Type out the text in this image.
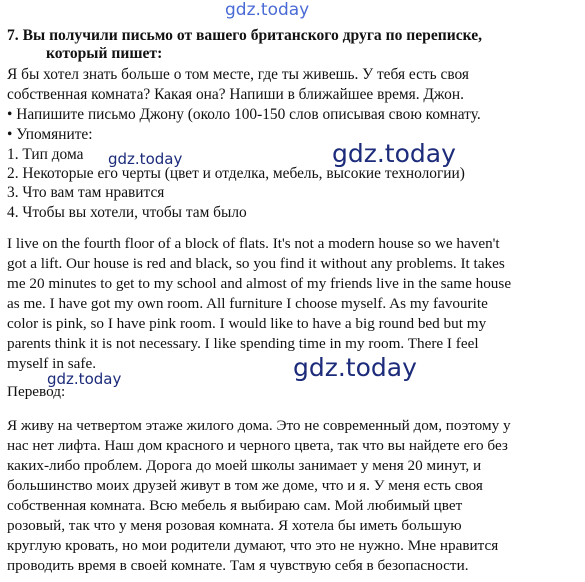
gdz.today
7. Вы получили письмо от вашего британского друга по переписке,
который пишет:
Я бы хотел знать больше о том месте, где ты живешь. У тебя есть своя
собственная комната? Какая она? Напиши в ближайшее время. Джон.
• Напишите письмо Джону (около 100-150 слов описывая свою комнату.
• Упомяните:
1. Тип дома
2. Некоторые его черты (цвет и отделка, мебель, высокие технологии)
3. Что вам там нравится
4. Чтобы вы хотели, чтобы там было
gdz.today	gdz.today
I live on the fourth floor of a block of flats. It's not a modern house so we haven't
got a lift. Our house is red and black, so you find it without any problems. It takes
me 20 minutes to get to my school and almost of my friends live in the same house
as me. I have got my own room. All furniture I choose myself. As my favourite
color is pink, so I have pink room. I would like to have a big round bed but my
parents think it is not necessary. I like spending time in my room. There I feel
myself in safe.	gdz.today
gdz.today
Перевод:
Я живу на четвертом этаже жилого дома. Это не современный дом, поэтому у
нас нет лифта. Наш дом красного и черного цвета, так что вы найдете его без
каких-либо проблем. Дорога до моей школы занимает у меня 20 минут, и
большинство моих друзей живут в том же доме, что и я. У меня есть своя
собственная комната. Всю мебель я выбираю сам. Мой любимый цвет
розовый, так что у меня розовая комната. Я хотела бы иметь большую
круглую кровать, но мои родители думают, что это не нужно. Мне нравится
проводить время в своей комнате. Там я чувствую себя в безопасности.
